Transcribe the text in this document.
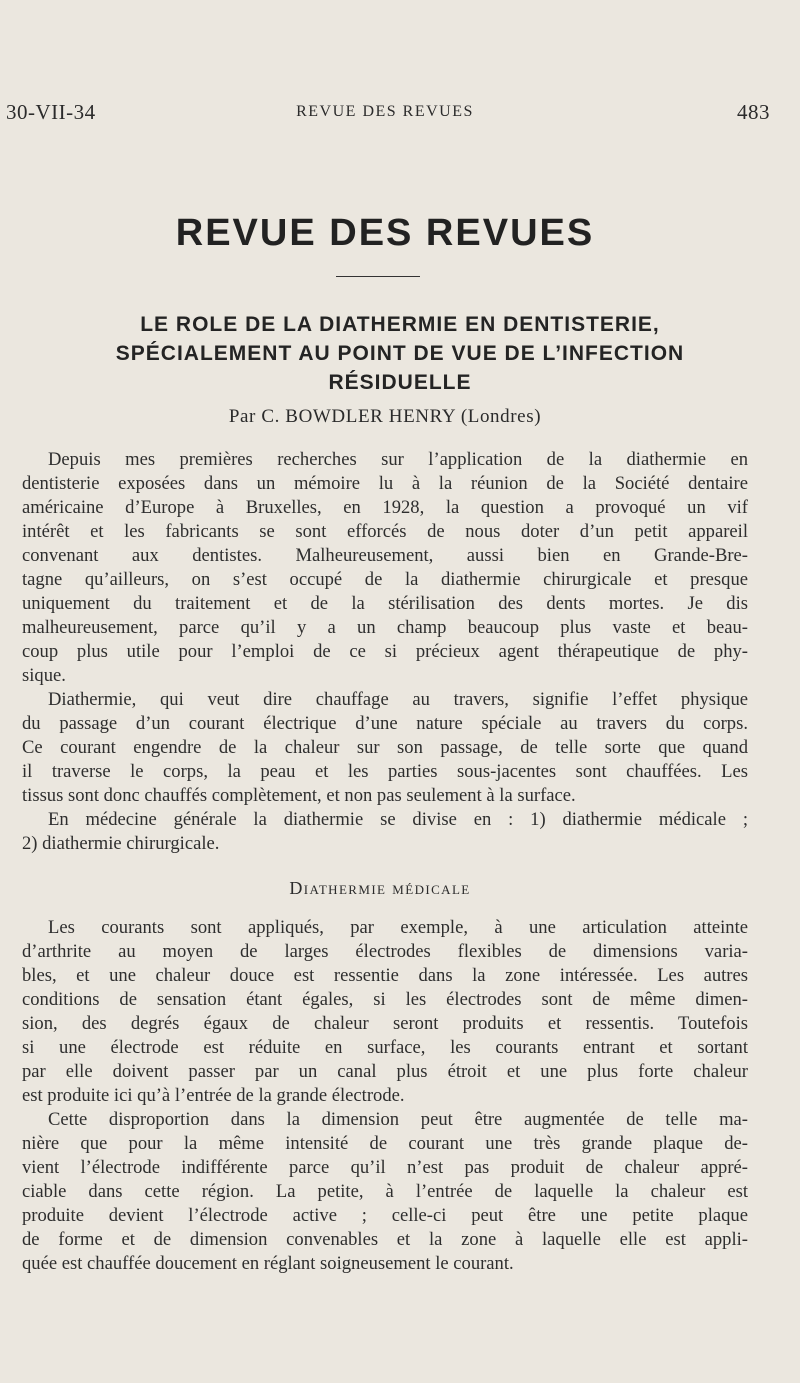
30-VII-34	REVUE DES REVUES	483
REVUE DES REVUES
LE ROLE DE LA DIATHERMIE EN DENTISTERIE,
SPÉCIALEMENT AU POINT DE VUE DE L’INFECTION
RÉSIDUELLE
Par C. BOWDLER HENRY (Londres)
Depuis mes premières recherches sur l’application de la diathermie en
dentisterie exposées dans un mémoire lu à la réunion de la Société dentaire
américaine d’Europe à Bruxelles, en 1928, la question a provoqué un vif
intérêt et les fabricants se sont efforcés de nous doter d’un petit appareil
convenant aux dentistes. Malheureusement, aussi bien en Grande-Bre-
tagne qu’ailleurs, on s’est occupé de la diathermie chirurgicale et presque
uniquement du traitement et de la stérilisation des dents mortes. Je dis
malheureusement, parce qu’il y a un champ beaucoup plus vaste et beau-
coup plus utile pour l’emploi de ce si précieux agent thérapeutique de phy-
sique.
Diathermie, qui veut dire chauffage au travers, signifie l’effet physique
du passage d’un courant électrique d’une nature spéciale au travers du corps.
Ce courant engendre de la chaleur sur son passage, de telle sorte que quand
il traverse le corps, la peau et les parties sous-jacentes sont chauffées. Les
tissus sont donc chauffés complètement, et non pas seulement à la surface.
En médecine générale la diathermie se divise en : 1) diathermie médicale ;
2) diathermie chirurgicale.
Diathermie médicale
Les courants sont appliqués, par exemple, à une articulation atteinte
d’arthrite au moyen de larges électrodes flexibles de dimensions varia-
bles, et une chaleur douce est ressentie dans la zone intéressée. Les autres
conditions de sensation étant égales, si les électrodes sont de même dimen-
sion, des degrés égaux de chaleur seront produits et ressentis. Toutefois
si une électrode est réduite en surface, les courants entrant et sortant
par elle doivent passer par un canal plus étroit et une plus forte chaleur
est produite ici qu’à l’entrée de la grande électrode.
Cette disproportion dans la dimension peut être augmentée de telle ma-
nière que pour la même intensité de courant une très grande plaque de-
vient l’électrode indifférente parce qu’il n’est pas produit de chaleur appré-
ciable dans cette région. La petite, à l’entrée de laquelle la chaleur est
produite devient l’électrode active ; celle-ci peut être une petite plaque
de forme et de dimension convenables et la zone à laquelle elle est appli-
quée est chauffée doucement en réglant soigneusement le courant.
